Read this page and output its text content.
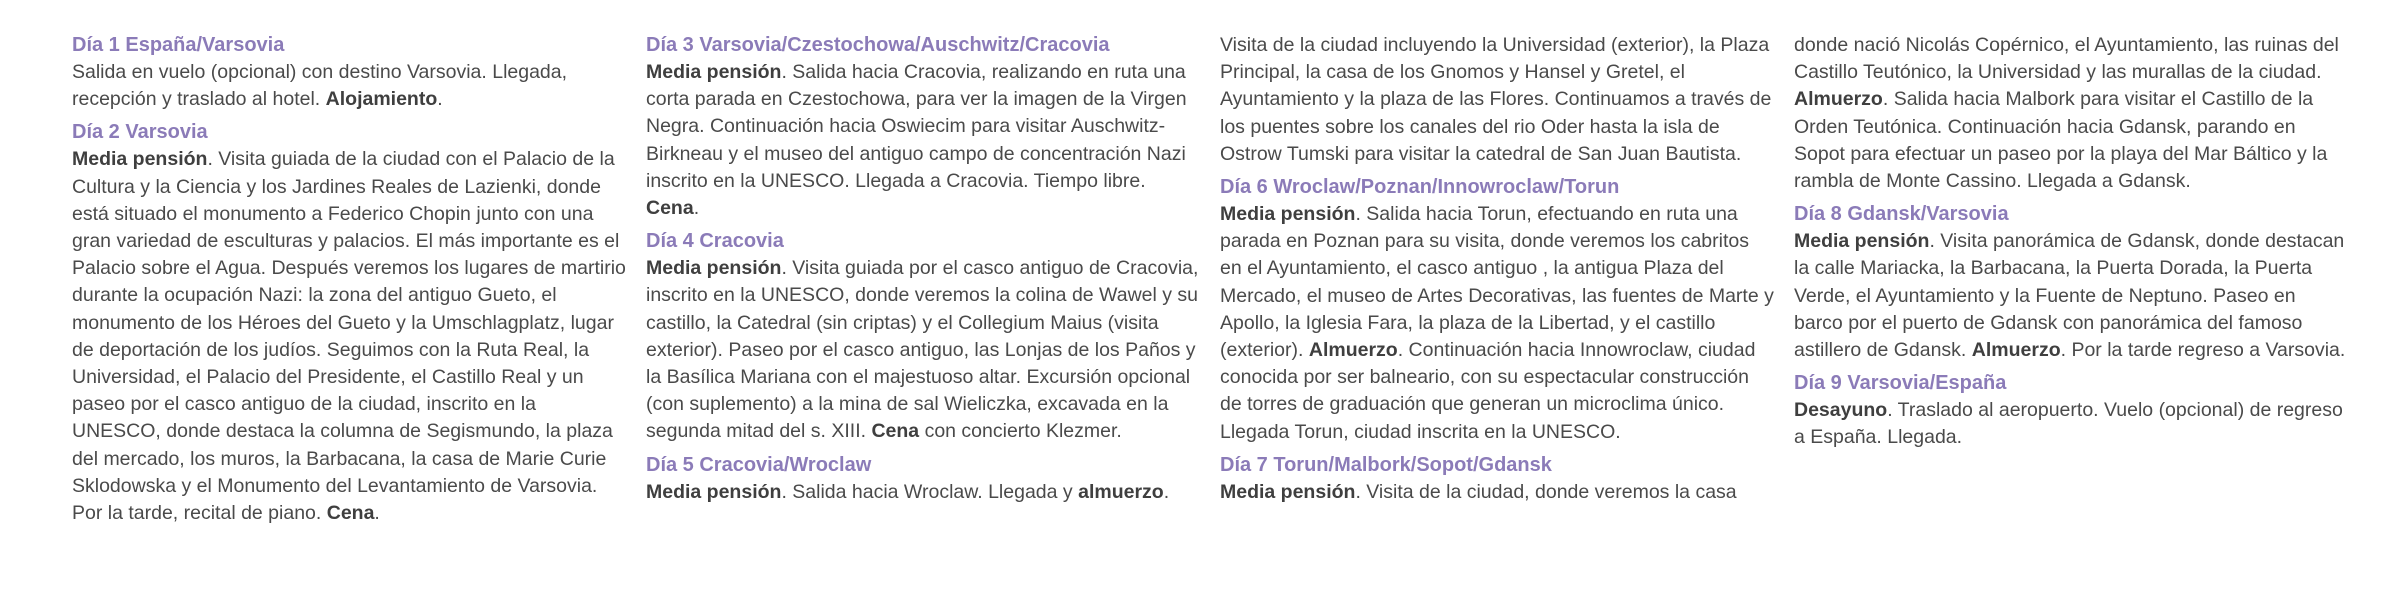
Día 1 España/Varsovia

Salida en vuelo (opcional) con destino Varsovia. Llegada, recepción y traslado al hotel. Alojamiento.

Día 2 Varsovia

Media pensión. Visita guiada de la ciudad con el Palacio de la Cultura y la Ciencia y los Jardines Reales de Lazienki, donde está situado el monumento a Federico Chopin junto con una gran variedad de esculturas y palacios. El más importante es el Palacio sobre el Agua. Después veremos los lugares de martirio durante la ocupación Nazi: la zona del antiguo Gueto, el monumento de los Héroes del Gueto y la Umschlagplatz, lugar de deportación de los judíos. Seguimos con la Ruta Real, la Universidad, el Palacio del Presidente, el Castillo Real y un paseo por el casco antiguo de la ciudad, inscrito en la UNESCO, donde destaca la columna de Segismundo, la plaza del mercado, los muros, la Barbacana, la casa de Marie Curie Sklodowska y el Monumento del Levantamiento de Varsovia. Por la tarde, recital de piano. Cena.

Día 3 Varsovia/Czestochowa/Auschwitz/Cracovia

Media pensión. Salida hacia Cracovia, realizando en ruta una corta parada en Czestochowa, para ver la imagen de la Virgen Negra. Continuación hacia Oswiecim para visitar Auschwitz-Birkneau y el museo del antiguo campo de concentración Nazi inscrito en la UNESCO. Llegada a Cracovia. Tiempo libre. Cena.

Día 4 Cracovia

Media pensión. Visita guiada por el casco antiguo de Cracovia, inscrito en la UNESCO, donde veremos la colina de Wawel y su castillo, la Catedral (sin criptas) y el Collegium Maius (visita exterior). Paseo por el casco antiguo, las Lonjas de los Paños y la Basílica Mariana con el majestuoso altar. Excursión opcional (con suplemento) a la mina de sal Wieliczka, excavada en la segunda mitad del s. XIII. Cena con concierto Klezmer.

Día 5 Cracovia/Wroclaw

Media pensión. Salida hacia Wroclaw. Llegada y almuerzo.

Visita de la ciudad incluyendo la Universidad (exterior), la Plaza Principal, la casa de los Gnomos y Hansel y Gretel, el Ayuntamiento y la plaza de las Flores. Continuamos a través de los puentes sobre los canales del rio Oder hasta la isla de Ostrow Tumski para visitar la catedral de San Juan Bautista.

Día 6 Wroclaw/Poznan/Innowroclaw/Torun

Media pensión. Salida hacia Torun, efectuando en ruta una parada en Poznan para su visita, donde veremos los cabritos en el Ayuntamiento, el casco antiguo , la antigua Plaza del Mercado, el museo de Artes Decorativas, las fuentes de Marte y Apollo, la Iglesia Fara, la plaza de la Libertad, y el castillo (exterior). Almuerzo. Continuación hacia Innowroclaw, ciudad conocida por ser balneario, con su espectacular construcción de torres de graduación que generan un microclima único. Llegada Torun, ciudad inscrita en la UNESCO.

Día 7 Torun/Malbork/Sopot/Gdansk

Media pensión. Visita de la ciudad, donde veremos la casa

donde nació Nicolás Copérnico, el Ayuntamiento, las ruinas del Castillo Teutónico, la Universidad y las murallas de la ciudad. Almuerzo. Salida hacia Malbork para visitar el Castillo de la Orden Teutónica. Continuación hacia Gdansk, parando en Sopot para efectuar un paseo por la playa del Mar Báltico y la rambla de Monte Cassino. Llegada a Gdansk.

Día 8 Gdansk/Varsovia

Media pensión. Visita panorámica de Gdansk, donde destacan la calle Mariacka, la Barbacana, la Puerta Dorada, la Puerta Verde, el Ayuntamiento y la Fuente de Neptuno. Paseo en barco por el puerto de Gdansk con panorámica del famoso astillero de Gdansk. Almuerzo. Por la tarde regreso a Varsovia.

Día 9 Varsovia/España

Desayuno. Traslado al aeropuerto. Vuelo (opcional) de regreso a España. Llegada.
